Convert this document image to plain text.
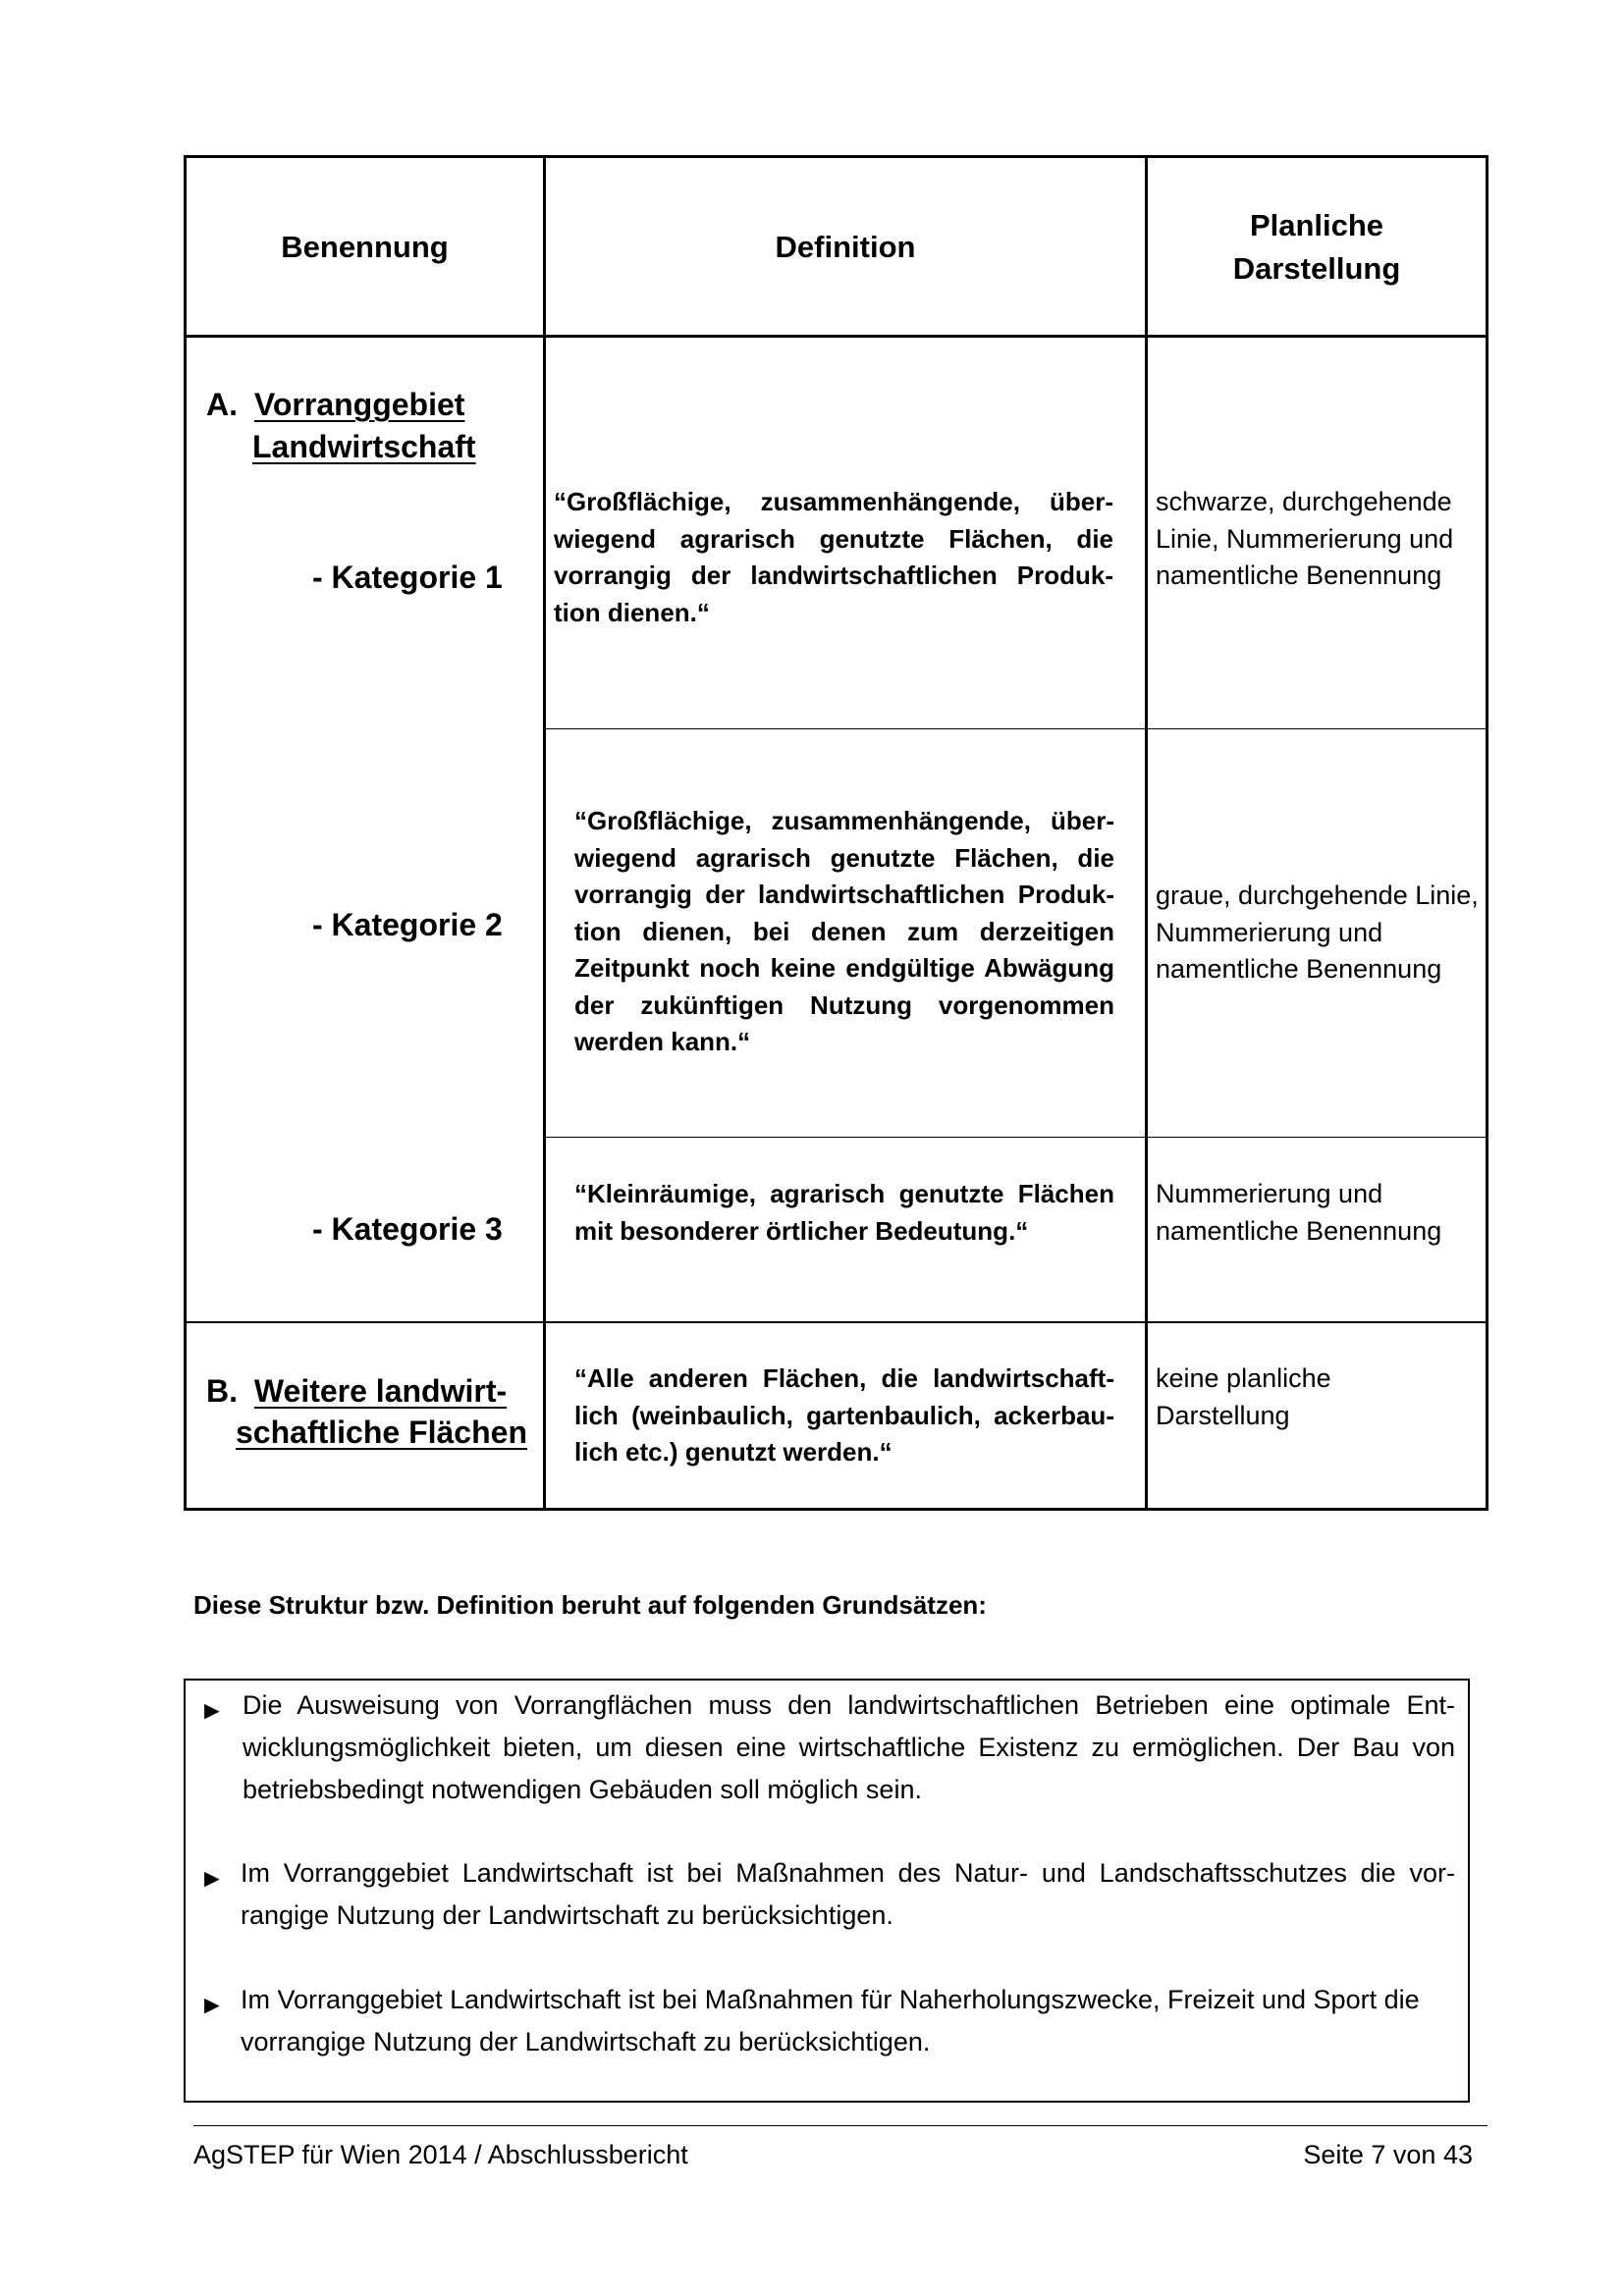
Benennung	Definition
Planliche
Darstellung
A. Vorranggebiet
Landwirtschaft
- Kategorie 1
- Kategorie 2
- Kategorie 3
“Großflächige, zusammenhängende, überwiegend agrarisch genutzte Flächen, die vorrangig der landwirtschaftlichen Produktion dienen.“
“Großflächige, zusammenhängende, überwiegend agrarisch genutzte Flächen, die vorrangig der landwirtschaftlichen Produktion dienen, bei denen zum derzeitigen Zeitpunkt noch keine endgültige Abwägung der zukünftigen Nutzung vorgenommen werden kann.“
“Kleinräumige, agrarisch genutzte Flächen mit besonderer örtlicher Bedeutung.“
schwarze, durchgehende Linie, Nummerierung und namentliche Benennung
graue, durchgehende Linie, Nummerierung und namentliche Benennung
Nummerierung und namentliche Benennung
B. Weitere landwirt-
schaftliche Flächen
“Alle anderen Flächen, die landwirtschaftlich (weinbaulich, gartenbaulich, ackerbaulich etc.) genutzt werden.“
keine planliche Darstellung
Diese Struktur bzw. Definition beruht auf folgenden Grundsätzen:
► Die Ausweisung von Vorrangflächen muss den landwirtschaftlichen Betrieben eine optimale Entwicklungsmöglichkeit bieten, um diesen eine wirtschaftliche Existenz zu ermöglichen. Der Bau von betriebsbedingt notwendigen Gebäuden soll möglich sein.
► Im Vorranggebiet Landwirtschaft ist bei Maßnahmen des Natur- und Landschaftsschutzes die vorrangige Nutzung der Landwirtschaft zu berücksichtigen.
► Im Vorranggebiet Landwirtschaft ist bei Maßnahmen für Naherholungszwecke, Freizeit und Sport die vorrangige Nutzung der Landwirtschaft zu berücksichtigen.
AgSTEP für Wien 2014 / Abschlussbericht	Seite 7 von 43
